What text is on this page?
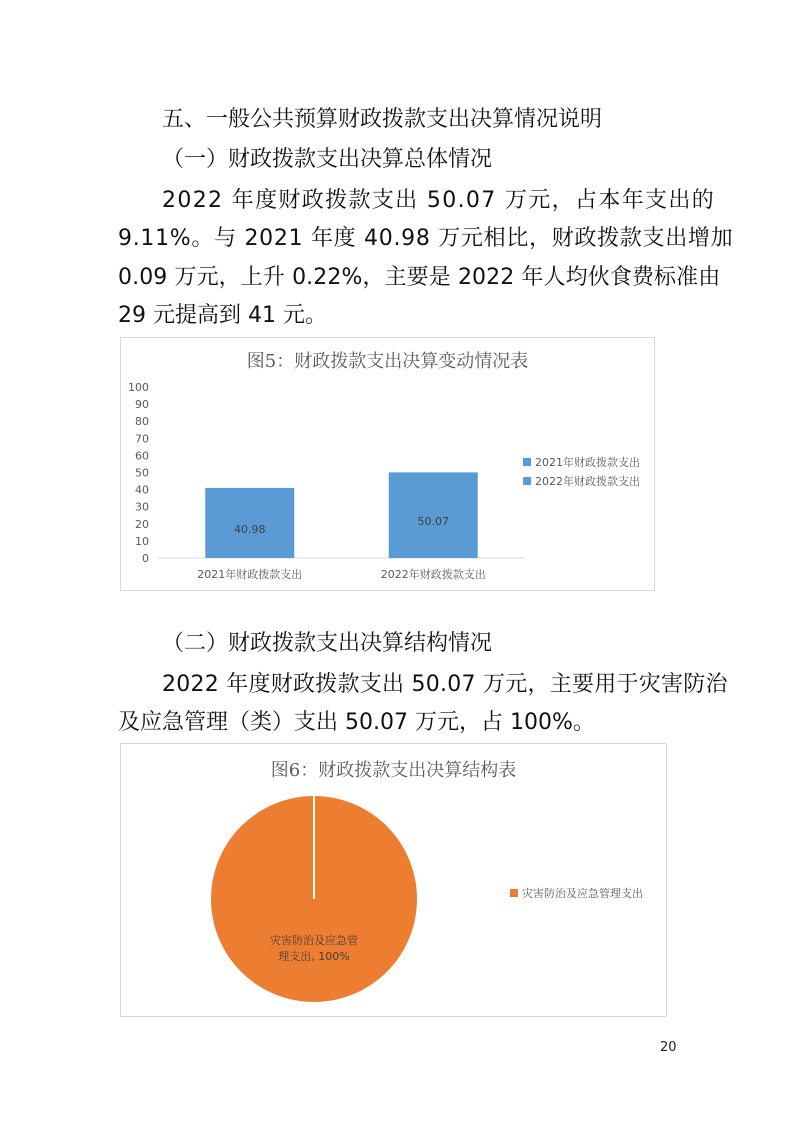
五、一般公共预算财政拨款支出决算情况说明
（一）财政拨款支出决算总体情况
2022 年度财政拨款支出 50.07 万元，占本年支出的
9.11%。与 2021 年度 40.98 万元相比，财政拨款支出增加
0.09 万元，上升 0.22%，主要是 2022 年人均伙食费标准由
29 元提高到 41 元。
图5：财政拨款支出决算变动情况表
0
10
20
30
40
50
60
70
80
90
100
40.98
2021年财政拨款支出
50.07
2022年财政拨款支出
2021年财政拨款支出
2022年财政拨款支出
（二）财政拨款支出决算结构情况
2022 年度财政拨款支出 50.07 万元，主要用于灾害防治
及应急管理（类）支出 50.07 万元，占 100%。
图6：财政拨款支出决算结构表
灾害防治及应急管
理支出, 100%
灾害防治及应急管理支出
20
